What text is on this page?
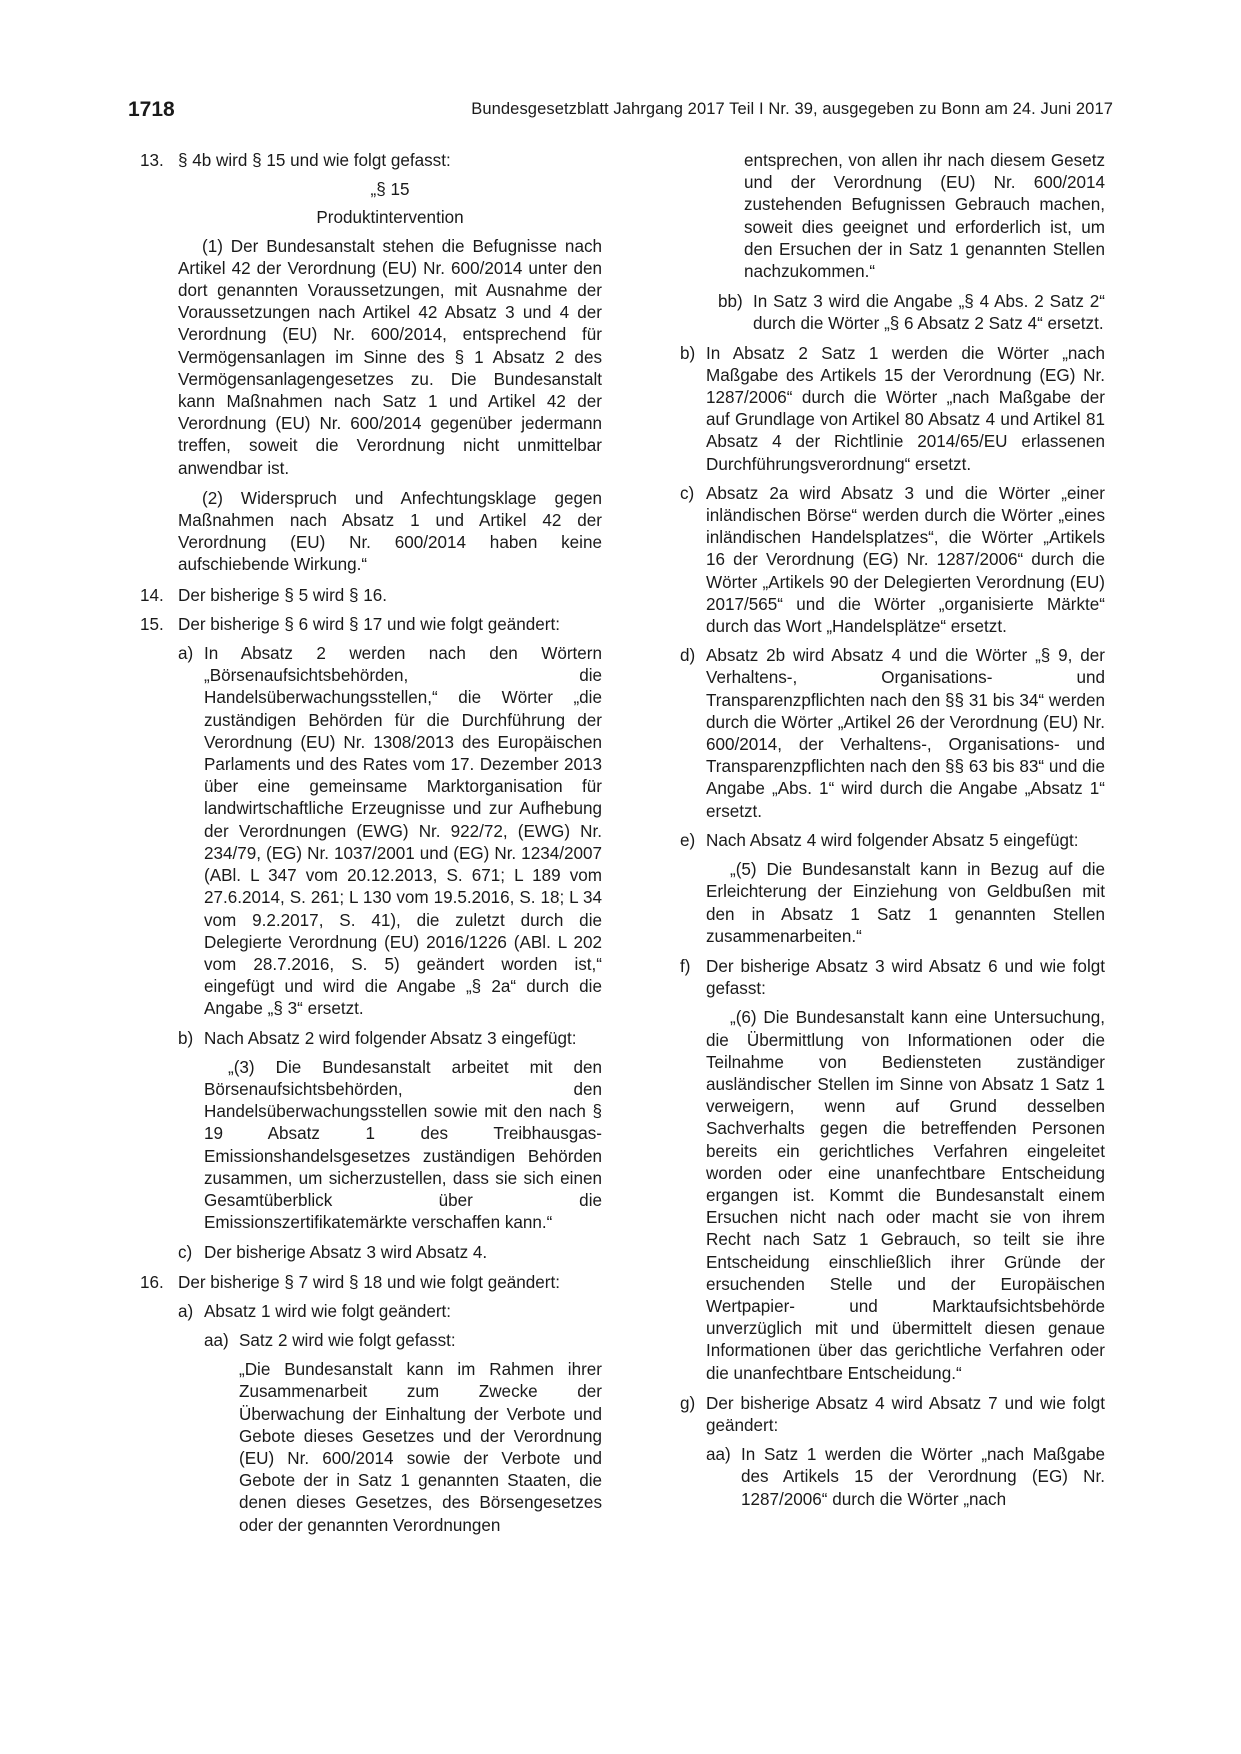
1718	Bundesgesetzblatt Jahrgang 2017 Teil I Nr. 39, ausgegeben zu Bonn am 24. Juni 2017
13. § 4b wird § 15 und wie folgt gefasst:

„§ 15

Produktintervention

(1) Der Bundesanstalt stehen die Befugnisse nach Artikel 42 der Verordnung (EU) Nr. 600/2014 unter den dort genannten Voraussetzungen, mit Ausnahme der Voraussetzungen nach Artikel 42 Absatz 3 und 4 der Verordnung (EU) Nr. 600/2014, entsprechend für Vermögensanlagen im Sinne des § 1 Absatz 2 des Vermögensanlagengesetzes zu. Die Bundesanstalt kann Maßnahmen nach Satz 1 und Artikel 42 der Verordnung (EU) Nr. 600/2014 gegenüber jedermann treffen, soweit die Verordnung nicht unmittelbar anwendbar ist.

(2) Widerspruch und Anfechtungsklage gegen Maßnahmen nach Absatz 1 und Artikel 42 der Verordnung (EU) Nr. 600/2014 haben keine aufschiebende Wirkung.“

14. Der bisherige § 5 wird § 16.
15. Der bisherige § 6 wird § 17 und wie folgt geändert:
a) In Absatz 2 werden nach den Wörtern „Börsenaufsichtsbehörden, die Handelsüberwachungsstellen,“ die Wörter „die zuständigen Behörden für die Durchführung der Verordnung (EU) Nr. 1308/2013 des Europäischen Parlaments und des Rates vom 17. Dezember 2013 über eine gemeinsame Marktorganisation für landwirtschaftliche Erzeugnisse und zur Aufhebung der Verordnungen (EWG) Nr. 922/72, (EWG) Nr. 234/79, (EG) Nr. 1037/2001 und (EG) Nr. 1234/2007 (ABl. L 347 vom 20.12.2013, S. 671; L 189 vom 27.6.2014, S. 261; L 130 vom 19.5.2016, S. 18; L 34 vom 9.2.2017, S. 41), die zuletzt durch die Delegierte Verordnung (EU) 2016/1226 (ABl. L 202 vom 28.7.2016, S. 5) geändert worden ist,“ eingefügt und wird die Angabe „§ 2a“ durch die Angabe „§ 3“ ersetzt.
b) Nach Absatz 2 wird folgender Absatz 3 eingefügt:

„(3) Die Bundesanstalt arbeitet mit den Börsenaufsichtsbehörden, den Handelsüberwachungsstellen sowie mit den nach § 19 Absatz 1 des Treibhausgas-Emissionshandelsgesetzes zuständigen Behörden zusammen, um sicherzustellen, dass sie sich einen Gesamtüberblick über die Emissionszertifikatemärkte verschaffen kann.“

c) Der bisherige Absatz 3 wird Absatz 4.
16. Der bisherige § 7 wird § 18 und wie folgt geändert:
a) Absatz 1 wird wie folgt geändert:
aa) Satz 2 wird wie folgt gefasst:

„Die Bundesanstalt kann im Rahmen ihrer Zusammenarbeit zum Zwecke der Überwachung der Einhaltung der Verbote und Gebote dieses Gesetzes und der Verordnung (EU) Nr. 600/2014 sowie der Verbote und Gebote der in Satz 1 genannten Staaten, die denen dieses Gesetzes, des Börsengesetzes oder der genannten Verordnungen

entsprechen, von allen ihr nach diesem Gesetz und der Verordnung (EU) Nr. 600/2014 zustehenden Befugnissen Gebrauch machen, soweit dies geeignet und erforderlich ist, um den Ersuchen der in Satz 1 genannten Stellen nachzukommen.“

bb) In Satz 3 wird die Angabe „§ 4 Abs. 2 Satz 2“ durch die Wörter „§ 6 Absatz 2 Satz 4“ ersetzt.
b) In Absatz 2 Satz 1 werden die Wörter „nach Maßgabe des Artikels 15 der Verordnung (EG) Nr. 1287/2006“ durch die Wörter „nach Maßgabe der auf Grundlage von Artikel 80 Absatz 4 und Artikel 81 Absatz 4 der Richtlinie 2014/65/EU erlassenen Durchführungsverordnung“ ersetzt.
c) Absatz 2a wird Absatz 3 und die Wörter „einer inländischen Börse“ werden durch die Wörter „eines inländischen Handelsplatzes“, die Wörter „Artikels 16 der Verordnung (EG) Nr. 1287/2006“ durch die Wörter „Artikels 90 der Delegierten Verordnung (EU) 2017/565“ und die Wörter „organisierte Märkte“ durch das Wort „Handelsplätze“ ersetzt.
d) Absatz 2b wird Absatz 4 und die Wörter „§ 9, der Verhaltens-, Organisations- und Transparenzpflichten nach den §§ 31 bis 34“ werden durch die Wörter „Artikel 26 der Verordnung (EU) Nr. 600/2014, der Verhaltens-, Organisations- und Transparenzpflichten nach den §§ 63 bis 83“ und die Angabe „Abs. 1“ wird durch die Angabe „Absatz 1“ ersetzt.
e) Nach Absatz 4 wird folgender Absatz 5 eingefügt:

„(5) Die Bundesanstalt kann in Bezug auf die Erleichterung der Einziehung von Geldbußen mit den in Absatz 1 Satz 1 genannten Stellen zusammenarbeiten.“

f) Der bisherige Absatz 3 wird Absatz 6 und wie folgt gefasst:

„(6) Die Bundesanstalt kann eine Untersuchung, die Übermittlung von Informationen oder die Teilnahme von Bediensteten zuständiger ausländischer Stellen im Sinne von Absatz 1 Satz 1 verweigern, wenn auf Grund desselben Sachverhalts gegen die betreffenden Personen bereits ein gerichtliches Verfahren eingeleitet worden oder eine unanfechtbare Entscheidung ergangen ist. Kommt die Bundesanstalt einem Ersuchen nicht nach oder macht sie von ihrem Recht nach Satz 1 Gebrauch, so teilt sie ihre Entscheidung einschließlich ihrer Gründe der ersuchenden Stelle und der Europäischen Wertpapier- und Marktaufsichtsbehörde unverzüglich mit und übermittelt diesen genaue Informationen über das gerichtliche Verfahren oder die unanfechtbare Entscheidung.“

g) Der bisherige Absatz 4 wird Absatz 7 und wie folgt geändert:
aa) In Satz 1 werden die Wörter „nach Maßgabe des Artikels 15 der Verordnung (EG) Nr. 1287/2006“ durch die Wörter „nach
